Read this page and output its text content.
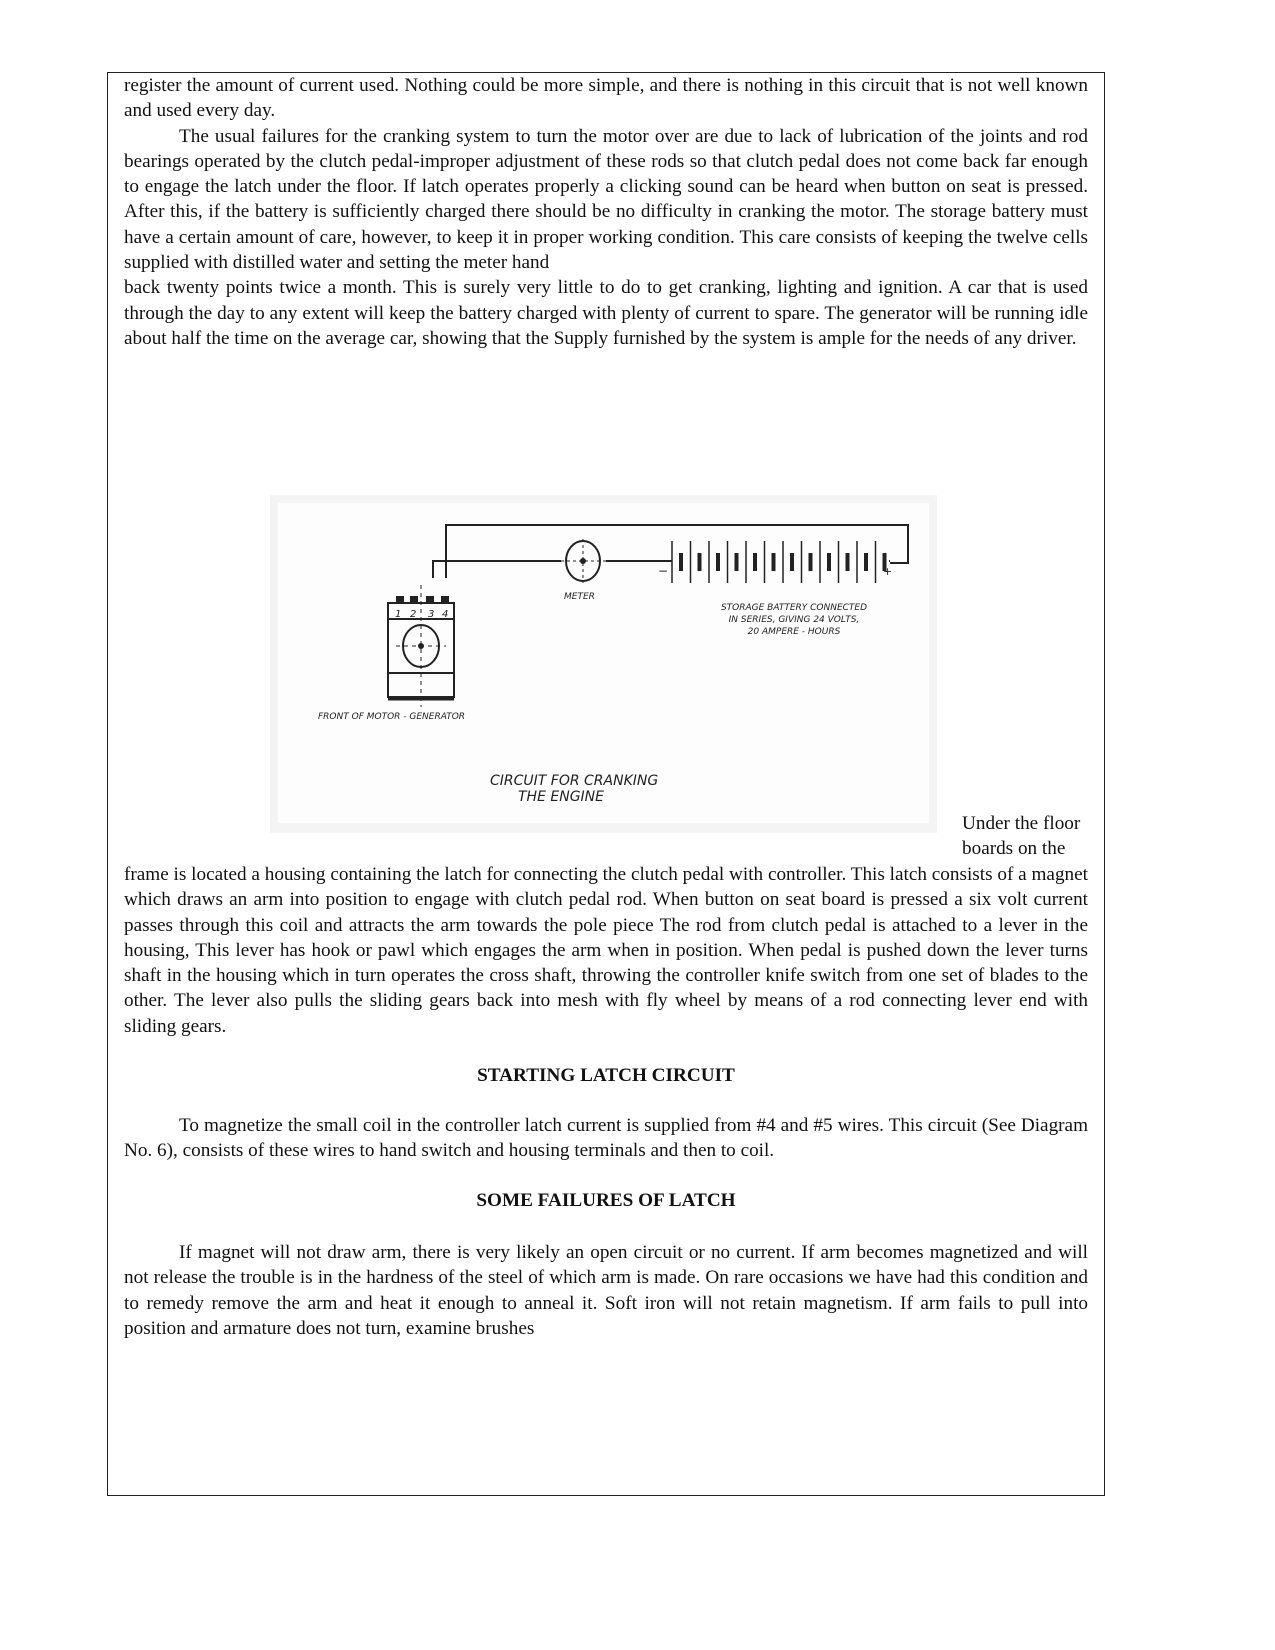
register the amount of current used. Nothing could be more simple, and there is nothing in this circuit that is not well known and used every day.
The usual failures for the cranking system to turn the motor over are due to lack of lubrication of the joints and rod bearings operated by the clutch pedal-improper adjustment of these rods so that clutch pedal does not come back far enough to engage the latch under the floor. If latch operates properly a clicking sound can be heard when button on seat is pressed. After this, if the battery is sufficiently charged there should be no difficulty in cranking the motor. The storage battery must have a certain amount of care, however, to keep it in proper working condition. This care consists of keeping the twelve cells supplied with distilled water and setting the meter hand
back twenty points twice a month. This is surely very little to do to get cranking, lighting and ignition. A car that is used through the day to any extent will keep the battery charged with plenty of current to spare. The generator will be running idle about half the time on the average car, showing that the Supply furnished by the system is ample for the needs of any driver.
1 2 3 4
METER
−	+
STORAGE BATTERY CONNECTED
IN SERIES, GIVING 24 VOLTS,
20 AMPERE - HOURS
FRONT OF MOTOR - GENERATOR
CIRCUIT FOR CRANKING
THE ENGINE
Under the floor boards on the
frame is located a housing containing the latch for connecting the clutch pedal with controller. This latch consists of a magnet which draws an arm into position to engage with clutch pedal rod. When button on seat board is pressed a six volt current passes through this coil and attracts the arm towards the pole piece The rod from clutch pedal is attached to a lever in the housing, This lever has hook or pawl which engages the arm when in position. When pedal is pushed down the lever turns shaft in the housing which in turn operates the cross shaft, throwing the controller knife switch from one set of blades to the other. The lever also pulls the sliding gears back into mesh with fly wheel by means of a rod connecting lever end with sliding gears.
STARTING LATCH CIRCUIT
To magnetize the small coil in the controller latch current is supplied from #4 and #5 wires. This circuit (See Diagram No. 6), consists of these wires to hand switch and housing terminals and then to coil.
SOME FAILURES OF LATCH
If magnet will not draw arm, there is very likely an open circuit or no current. If arm becomes magnetized and will not release the trouble is in the hardness of the steel of which arm is made. On rare occasions we have had this condition and to remedy remove the arm and heat it enough to anneal it. Soft iron will not retain magnetism. If arm fails to pull into position and armature does not turn, examine brushes
